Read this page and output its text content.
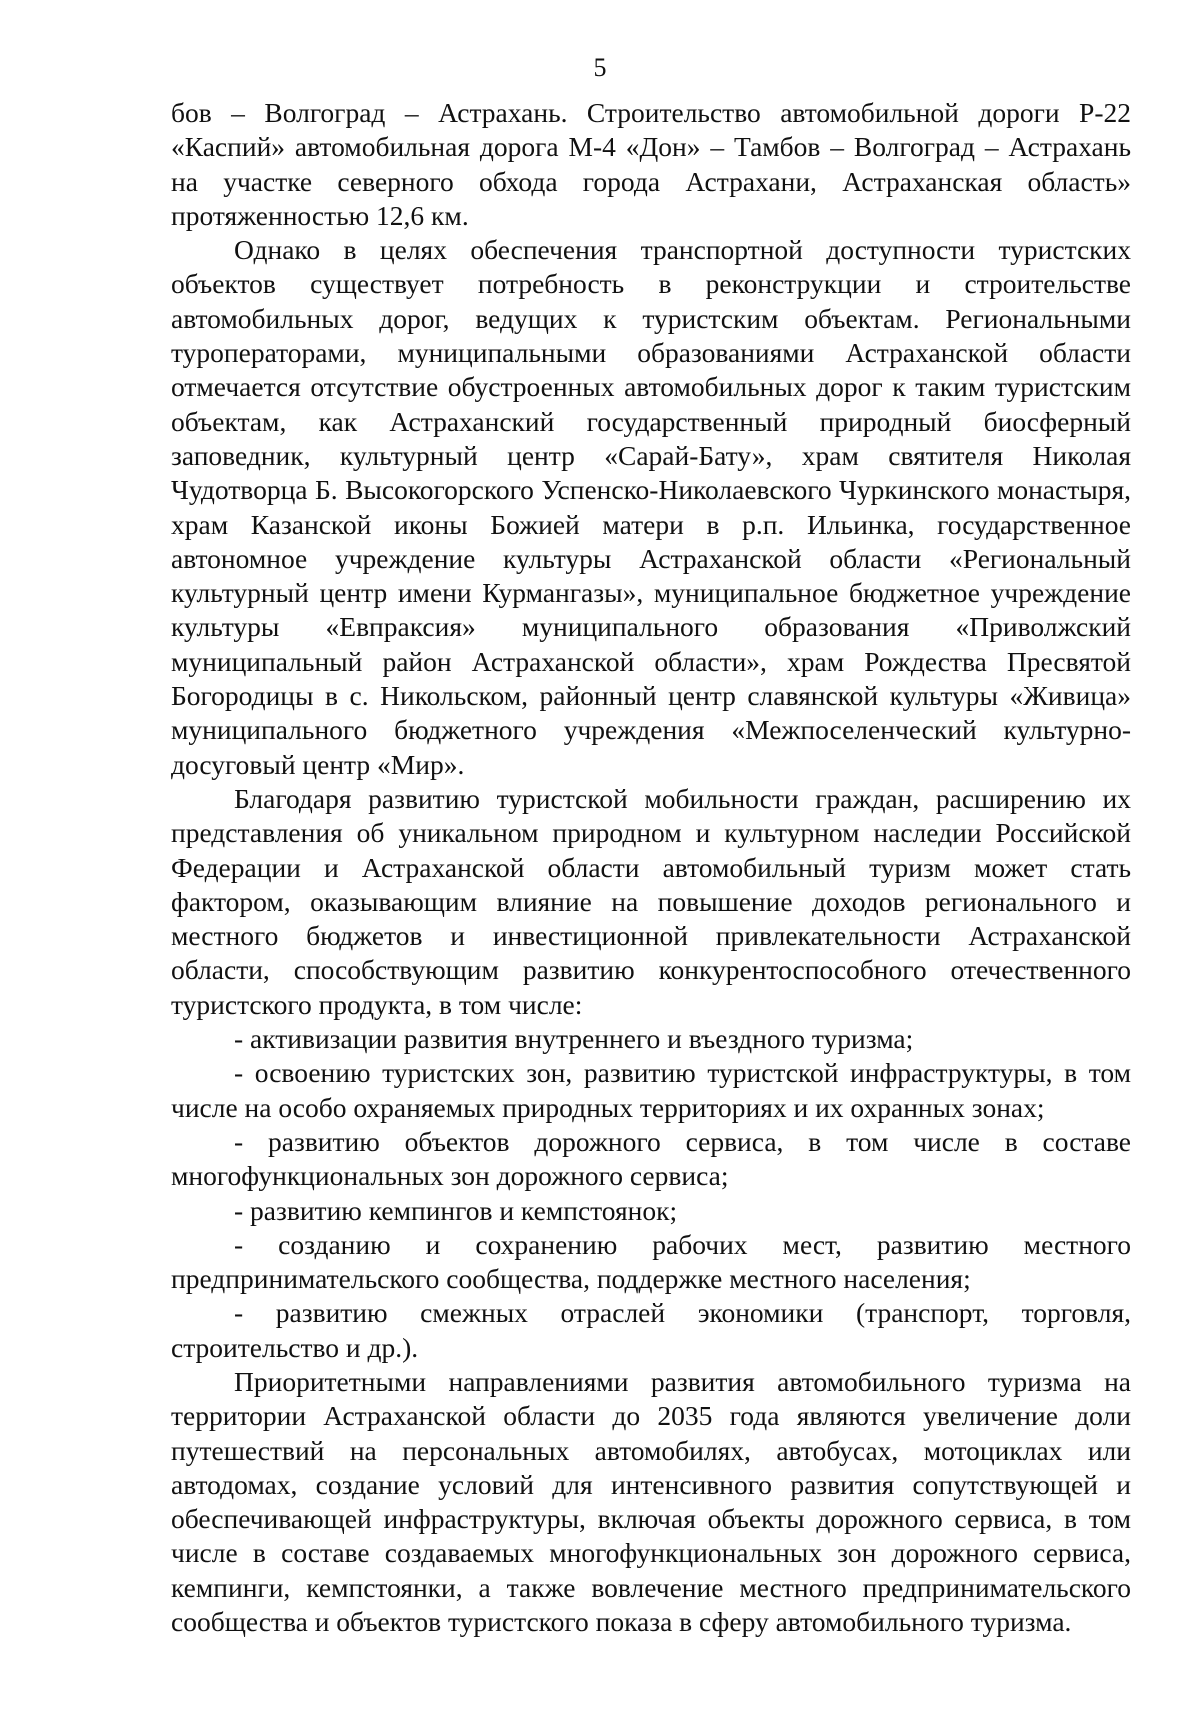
5

бов – Волгоград – Астрахань. Строительство автомобильной дороги Р-22 «Каспий» автомобильная дорога М-4 «Дон» – Тамбов – Волгоград – Астрахань на участке северного обхода города Астрахани, Астраханская область» протяженностью 12,6 км.

Однако в целях обеспечения транспортной доступности туристских объектов существует потребность в реконструкции и строительстве автомобильных дорог, ведущих к туристским объектам. Региональными туроператорами, муниципальными образованиями Астраханской области отмечается отсутствие обустроенных автомобильных дорог к таким туристским объектам, как Астраханский государственный природный биосферный заповедник, культурный центр «Сарай-Бату», храм святителя Николая Чудотворца Б. Высокогорского Успенско-Николаевского Чуркинского монастыря, храм Казанской иконы Божией матери в р.п. Ильинка, государственное автономное учреждение культуры Астраханской области «Региональный культурный центр имени Курмангазы», муниципальное бюджетное учреждение культуры «Евпраксия» муниципального образования «Приволжский муниципальный район Астраханской области», храм Рождества Пресвятой Богородицы в с. Никольском, районный центр славянской культуры «Живица» муниципального бюджетного учреждения «Межпоселенческий культурно-досуговый центр «Мир».

Благодаря развитию туристской мобильности граждан, расширению их представления об уникальном природном и культурном наследии Российской Федерации и Астраханской области автомобильный туризм может стать фактором, оказывающим влияние на повышение доходов регионального и местного бюджетов и инвестиционной привлекательности Астраханской области, способствующим развитию конкурентоспособного отечественного туристского продукта, в том числе:

- активизации развития внутреннего и въездного туризма;

- освоению туристских зон, развитию туристской инфраструктуры, в том числе на особо охраняемых природных территориях и их охранных зонах;

- развитию объектов дорожного сервиса, в том числе в составе многофункциональных зон дорожного сервиса;

- развитию кемпингов и кемпстоянок;

- созданию и сохранению рабочих мест, развитию местного предпринимательского сообщества, поддержке местного населения;

- развитию смежных отраслей экономики (транспорт, торговля, строительство и др.).

Приоритетными направлениями развития автомобильного туризма на территории Астраханской области до 2035 года являются увеличение доли путешествий на персональных автомобилях, автобусах, мотоциклах или автодомах, создание условий для интенсивного развития сопутствующей и обеспечивающей инфраструктуры, включая объекты дорожного сервиса, в том числе в составе создаваемых многофункциональных зон дорожного сервиса, кемпинги, кемпстоянки, а также вовлечение местного предпринимательского сообщества и объектов туристского показа в сферу автомобильного туризма.
